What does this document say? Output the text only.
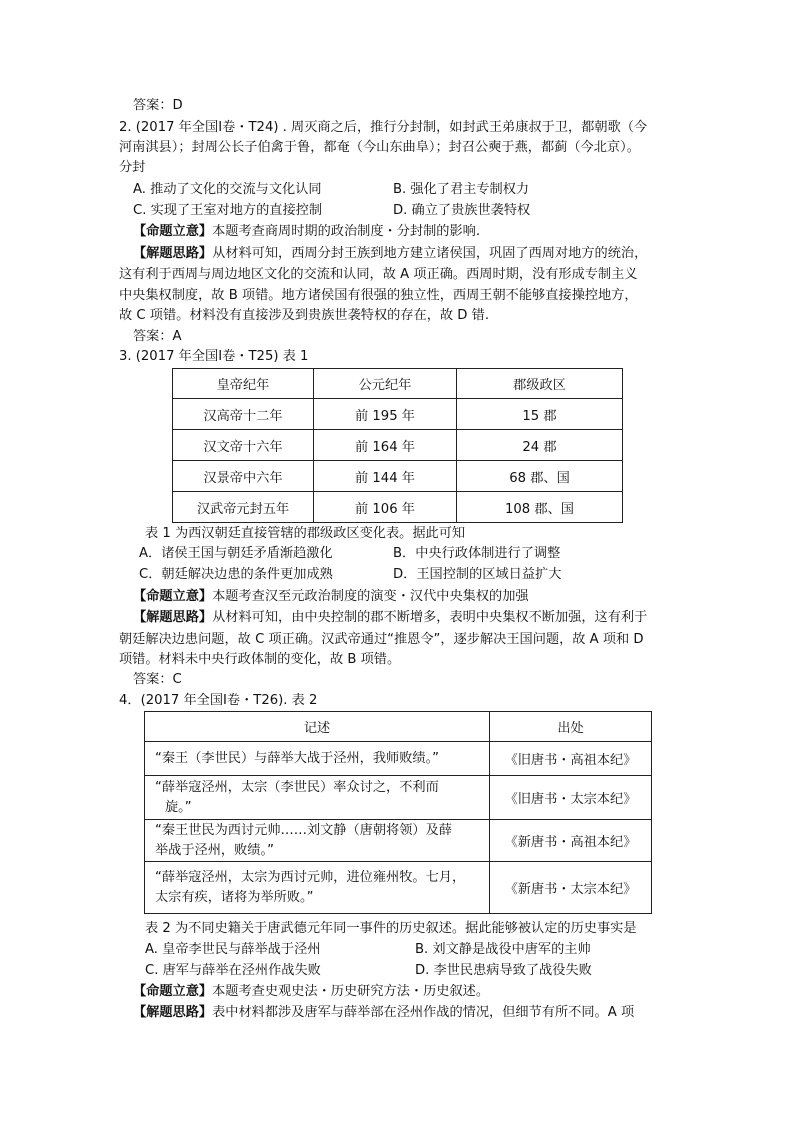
答案：D
2. (2017 年全国Ⅰ卷・T24) . 周灭商之后，推行分封制，如封武王弟康叔于卫，都朝歌（今
河南淇县）；封周公长子伯禽于鲁，都奄（今山东曲阜）；封召公奭于燕，都蓟（今北京）。
分封
A. 推动了文化的交流与文化认同	B. 强化了君主专制权力
C. 实现了王室对地方的直接控制	D. 确立了贵族世袭特权
【命题立意】本题考查商周时期的政治制度・分封制的影响.
【解题思路】从材料可知，西周分封王族到地方建立诸侯国，巩固了西周对地方的统治，
这有利于西周与周边地区文化的交流和认同，故 A 项正确。西周时期，没有形成专制主义
中央集权制度，故 B 项错。地方诸侯国有很强的独立性，西周王朝不能够直接操控地方，
故 C 项错。材料没有直接涉及到贵族世袭特权的存在，故 D 错.
答案：A
3. (2017 年全国Ⅰ卷・T25) 表 1
皇帝纪年	公元纪年	郡级政区
汉高帝十二年	前 195 年	15 郡
汉文帝十六年	前 164 年	24 郡
汉景帝中六年	前 144 年	68 郡、国
汉武帝元封五年	前 106 年	108 郡、国
表 1 为西汉朝廷直接管辖的郡级政区变化表。据此可知
A．诸侯王国与朝廷矛盾渐趋激化	B．中央行政体制进行了调整
C．朝廷解决边患的条件更加成熟	D．王国控制的区域日益扩大
【命题立意】本题考查汉至元政治制度的演变・汉代中央集权的加强
【解题思路】从材料可知，由中央控制的郡不断增多，表明中央集权不断加强，这有利于
朝廷解决边患问题，故 C 项正确。汉武帝通过“推恩令”，逐步解决王国问题，故 A 项和 D
项错。材料未中央行政体制的变化，故 B 项错。
答案：C
4．(2017 年全国Ⅰ卷・T26). 表 2
记述	出处

“秦王（李世民）与薛举大战于泾州，我师败绩。”	《旧唐书・高祖本纪》

“薛举寇泾州，太宗（李世民）率众讨之，不利而
旋。”	《旧唐书・太宗本纪》

“秦王世民为西讨元帅……刘文静（唐朝将领）及薛
举战于泾州，败绩。”	《新唐书・高祖本纪》

“薛举寇泾州，太宗为西讨元帅，进位雍州牧。七月，
太宗有疾，诸将为举所败。”	《新唐书・太宗本纪》
表 2 为不同史籍关于唐武德元年同一事件的历史叙述。据此能够被认定的历史事实是
A. 皇帝李世民与薛举战于泾州	B. 刘文静是战役中唐军的主帅
C. 唐军与薛举在泾州作战失败	D. 李世民患病导致了战役失败
【命题立意】本题考查史观史法・历史研究方法・历史叙述。
【解题思路】表中材料都涉及唐军与薛举部在泾州作战的情况，但细节有所不同。A 项
